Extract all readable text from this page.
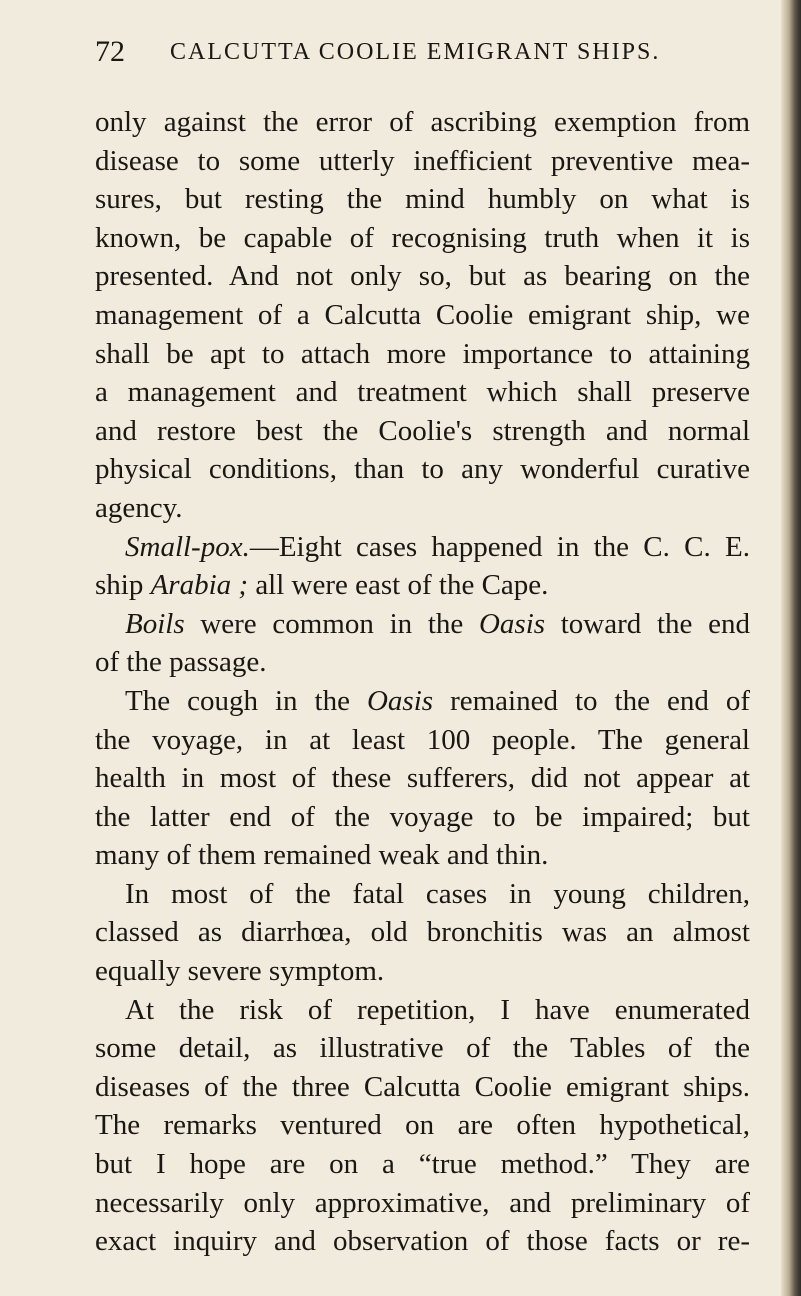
72 CALCUTTA COOLIE EMIGRANT SHIPS.
only against the error of ascribing exemption from
disease to some utterly inefficient preventive mea-
sures, but resting the mind humbly on what is
known, be capable of recognising truth when it is
presented. And not only so, but as bearing on the
management of a Calcutta Coolie emigrant ship, we
shall be apt to attach more importance to attaining
a management and treatment which shall preserve
and restore best the Coolie's strength and normal
physical conditions, than to any wonderful curative
agency.
Small-pox.—Eight cases happened in the C. C. E.
ship Arabia ; all were east of the Cape.
Boils were common in the Oasis toward the end
of the passage.
The cough in the Oasis remained to the end of
the voyage, in at least 100 people. The general
health in most of these sufferers, did not appear at
the latter end of the voyage to be impaired; but
many of them remained weak and thin.
In most of the fatal cases in young children,
classed as diarrhœa, old bronchitis was an almost
equally severe symptom.
At the risk of repetition, I have enumerated
some detail, as illustrative of the Tables of the
diseases of the three Calcutta Coolie emigrant ships.
The remarks ventured on are often hypothetical,
but I hope are on a “true method.” They are
necessarily only approximative, and preliminary of
exact inquiry and observation of those facts or re-
